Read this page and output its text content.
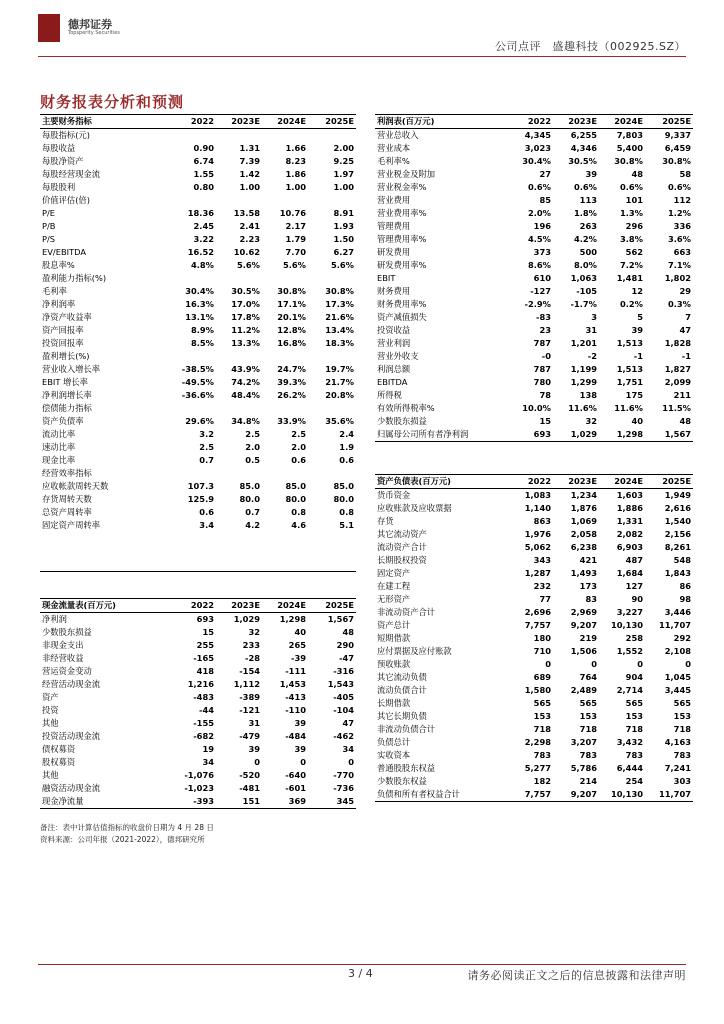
德邦证券
Topsperity Securities
公司点评　盛趣科技（002925.SZ）
财务报表分析和预测
主要财务指标	2022	2023E	2024E	2025E
每股指标(元)				
每股收益	0.90	1.31	1.66	2.00
每股净资产	6.74	7.39	8.23	9.25
每股经营现金流	1.55	1.42	1.86	1.97
每股股利	0.80	1.00	1.00	1.00
价值评估(倍)				
P/E	18.36	13.58	10.76	8.91
P/B	2.45	2.41	2.17	1.93
P/S	3.22	2.23	1.79	1.50
EV/EBITDA	16.52	10.62	7.70	6.27
股息率%	4.8%	5.6%	5.6%	5.6%
盈利能力指标(%)				
毛利率	30.4%	30.5%	30.8%	30.8%
净利润率	16.3%	17.0%	17.1%	17.3%
净资产收益率	13.1%	17.8%	20.1%	21.6%
资产回报率	8.9%	11.2%	12.8%	13.4%
投资回报率	8.5%	13.3%	16.8%	18.3%
盈利增长(%)				
营业收入增长率	-38.5%	43.9%	24.7%	19.7%
EBIT 增长率	-49.5%	74.2%	39.3%	21.7%
净利润增长率	-36.6%	48.4%	26.2%	20.8%
偿债能力指标				
资产负债率	29.6%	34.8%	33.9%	35.6%
流动比率	3.2	2.5	2.5	2.4
速动比率	2.5	2.0	2.0	1.9
现金比率	0.7	0.5	0.6	0.6
经营效率指标				
应收帐款周转天数	107.3	85.0	85.0	85.0
存货周转天数	125.9	80.0	80.0	80.0
总资产周转率	0.6	0.7	0.8	0.8
固定资产周转率	3.4	4.2	4.6	5.1

现金流量表(百万元)	2022	2023E	2024E	2025E
净利润	693	1,029	1,298	1,567
少数股东损益	15	32	40	48
非现金支出	255	233	265	290
非经营收益	-165	-28	-39	-47
营运资金变动	418	-154	-111	-316
经营活动现金流	1,216	1,112	1,453	1,543
资产	-483	-389	-413	-405
投资	-44	-121	-110	-104
其他	-155	31	39	47
投资活动现金流	-682	-479	-484	-462
债权募资	19	39	39	34
股权募资	34	0	0	0
其他	-1,076	-520	-640	-770
融资活动现金流	-1,023	-481	-601	-736
现金净流量	-393	151	369	345
利润表(百万元)	2022	2023E	2024E	2025E
营业总收入	4,345	6,255	7,803	9,337
营业成本	3,023	4,346	5,400	6,459
毛利率%	30.4%	30.5%	30.8%	30.8%
营业税金及附加	27	39	48	58
营业税金率%	0.6%	0.6%	0.6%	0.6%
营业费用	85	113	101	112
营业费用率%	2.0%	1.8%	1.3%	1.2%
管理费用	196	263	296	336
管理费用率%	4.5%	4.2%	3.8%	3.6%
研发费用	373	500	562	663
研发费用率%	8.6%	8.0%	7.2%	7.1%
EBIT	610	1,063	1,481	1,802
财务费用	-127	-105	12	29
财务费用率%	-2.9%	-1.7%	0.2%	0.3%
资产减值损失	-83	3	5	7
投资收益	23	31	39	47
营业利润	787	1,201	1,513	1,828
营业外收支	-0	-2	-1	-1
利润总额	787	1,199	1,513	1,827
EBITDA	780	1,299	1,751	2,099
所得税	78	138	175	211
有效所得税率%	10.0%	11.6%	11.6%	11.5%
少数股东损益	15	32	40	48
归属母公司所有者净利润	693	1,029	1,298	1,567
资产负债表(百万元)	2022	2023E	2024E	2025E
货币资金	1,083	1,234	1,603	1,949
应收账款及应收票据	1,140	1,876	1,886	2,616
存货	863	1,069	1,331	1,540
其它流动资产	1,976	2,058	2,082	2,156
流动资产合计	5,062	6,238	6,903	8,261
长期股权投资	343	421	487	548
固定资产	1,287	1,493	1,684	1,843
在建工程	232	173	127	86
无形资产	77	83	90	98
非流动资产合计	2,696	2,969	3,227	3,446
资产总计	7,757	9,207	10,130	11,707
短期借款	180	219	258	292
应付票据及应付账款	710	1,506	1,552	2,108
预收账款	0	0	0	0
其它流动负债	689	764	904	1,045
流动负债合计	1,580	2,489	2,714	3,445
长期借款	565	565	565	565
其它长期负债	153	153	153	153
非流动负债合计	718	718	718	718
负债总计	2,298	3,207	3,432	4,163
实收资本	783	783	783	783
普通股股东权益	5,277	5,786	6,444	7,241
少数股东权益	182	214	254	303
负债和所有者权益合计	7,757	9,207	10,130	11,707
备注：表中计算估值指标的收盘价日期为 4 月 28 日
资料来源：公司年报（2021-2022），德邦研究所
3 / 4	请务必阅读正文之后的信息披露和法律声明
